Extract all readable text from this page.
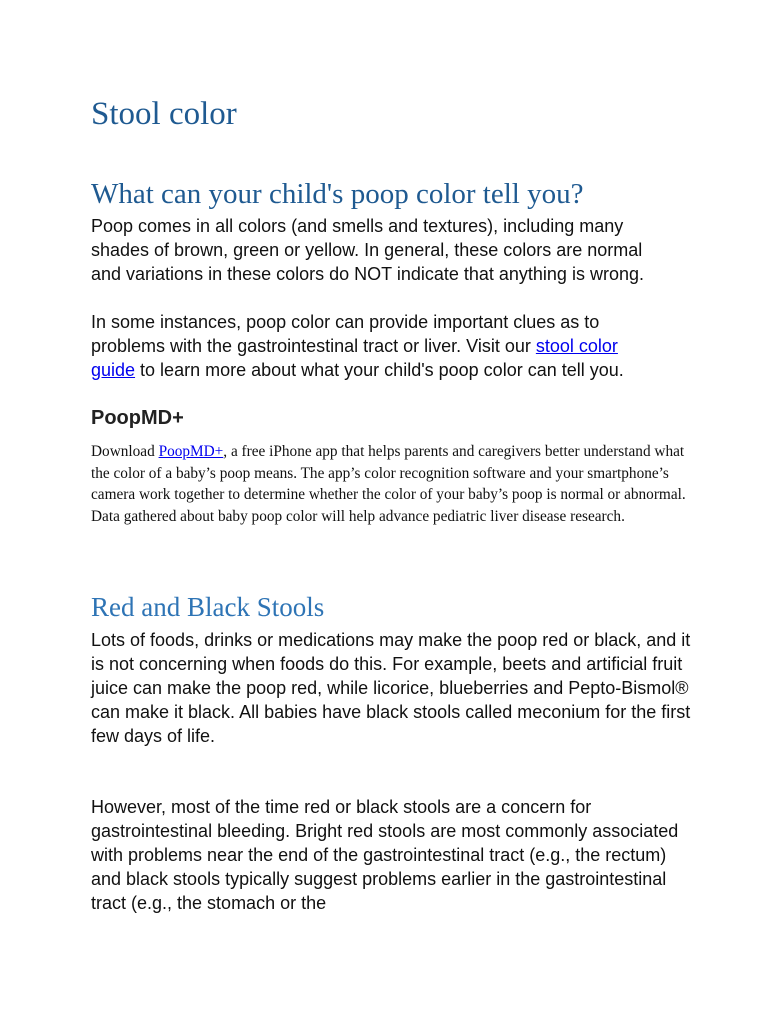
Stool color
What can your child's poop color tell you?

Poop comes in all colors (and smells and textures), including many shades of brown, green or yellow. In general, these colors are normal and variations in these colors do NOT indicate that anything is wrong.

In some instances, poop color can provide important clues as to problems with the gastrointestinal tract or liver. Visit our stool color guide to learn more about what your child's poop color can tell you.

PoopMD+

Download PoopMD+, a free iPhone app that helps parents and caregivers better understand what the color of a baby’s poop means. The app’s color recognition software and your smartphone’s camera work together to determine whether the color of your baby’s poop is normal or abnormal. Data gathered about baby poop color will help advance pediatric liver disease research.

Red and Black Stools

Lots of foods, drinks or medications may make the poop red or black, and it is not concerning when foods do this. For example, beets and artificial fruit juice can make the poop red, while licorice, blueberries and Pepto-Bismol® can make it black. All babies have black stools called meconium for the first few days of life.

However, most of the time red or black stools are a concern for gastrointestinal bleeding. Bright red stools are most commonly associated with problems near the end of the gastrointestinal tract (e.g., the rectum) and black stools typically suggest problems earlier in the gastrointestinal tract (e.g., the stomach or the
